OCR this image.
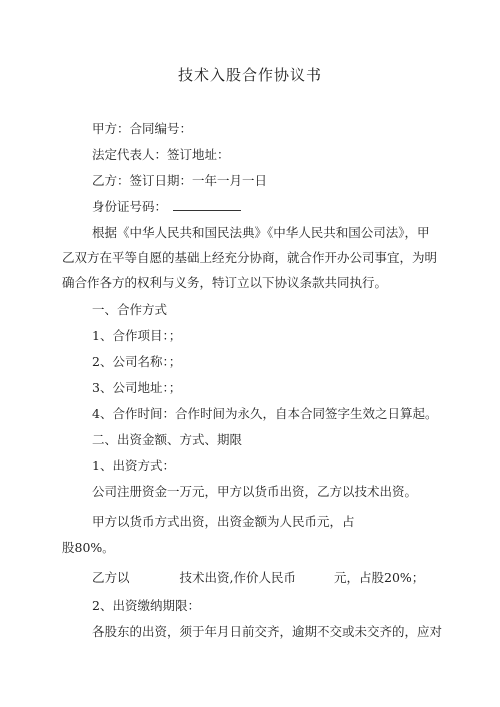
技术入股合作协议书
甲方：合同编号：
法定代表人：签订地址：
乙方：签订日期：一年一月一日
身份证号码：
根据《中华人民共和国民法典》《中华人民共和国公司法》，甲
乙双方在平等自愿的基础上经充分协商，就合作开办公司事宜，为明
确合作各方的权利与义务，特订立以下协议条款共同执行。
一、合作方式
1、合作项目：；
2、公司名称：；
3、公司地址：；
4、合作时间：合作时间为永久，自本合同签字生效之日算起。
二、出资金额、方式、期限
1、出资方式：
公司注册资金一万元，甲方以货币出资，乙方以技术出资。
甲方以货币方式出资，出资金额为人民币元，占
股80%。
乙方以	技术出资,作价人民币	元，占股20%；
2、出资缴纳期限：
各股东的出资，须于年月日前交齐，逾期不交或未交齐的，应对
